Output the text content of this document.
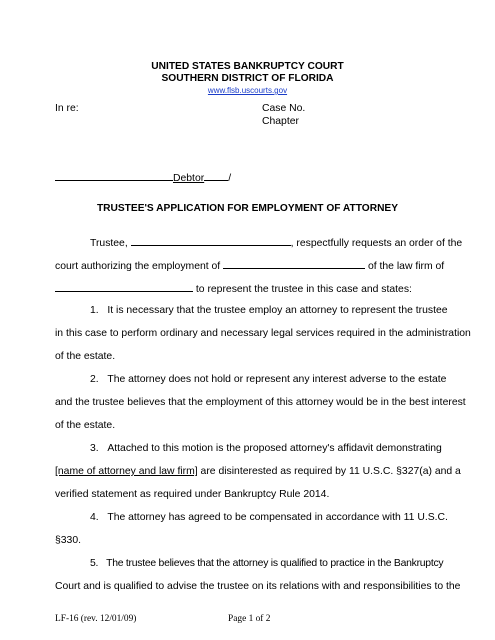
UNITED STATES BANKRUPTCY COURT
SOUTHERN DISTRICT OF FLORIDA
www.flsb.uscourts.gov
In re:	Case No.
Chapter
Debtor /
TRUSTEE'S APPLICATION FOR EMPLOYMENT OF ATTORNEY
Trustee,	, respectfully requests an order of the
court authorizing the employment of	of the law firm of
to represent the trustee in this case and states:
1. It is necessary that the trustee employ an attorney to represent the trustee
in this case to perform ordinary and necessary legal services required in the administration
of the estate.
2. The attorney does not hold or represent any interest adverse to the estate
and the trustee believes that the employment of this attorney would be in the best interest
of the estate.
3. Attached to this motion is the proposed attorney's affidavit demonstrating
[name of attorney and law firm] are disinterested as required by 11 U.S.C. §327(a) and a
verified statement as required under Bankruptcy Rule 2014.
4. The attorney has agreed to be compensated in accordance with 11 U.S.C.
§330.
5. The trustee believes that the attorney is qualified to practice in the Bankruptcy
Court and is qualified to advise the trustee on its relations with and responsibilities to the
LF-16 (rev. 12/01/09)	Page 1 of 2
